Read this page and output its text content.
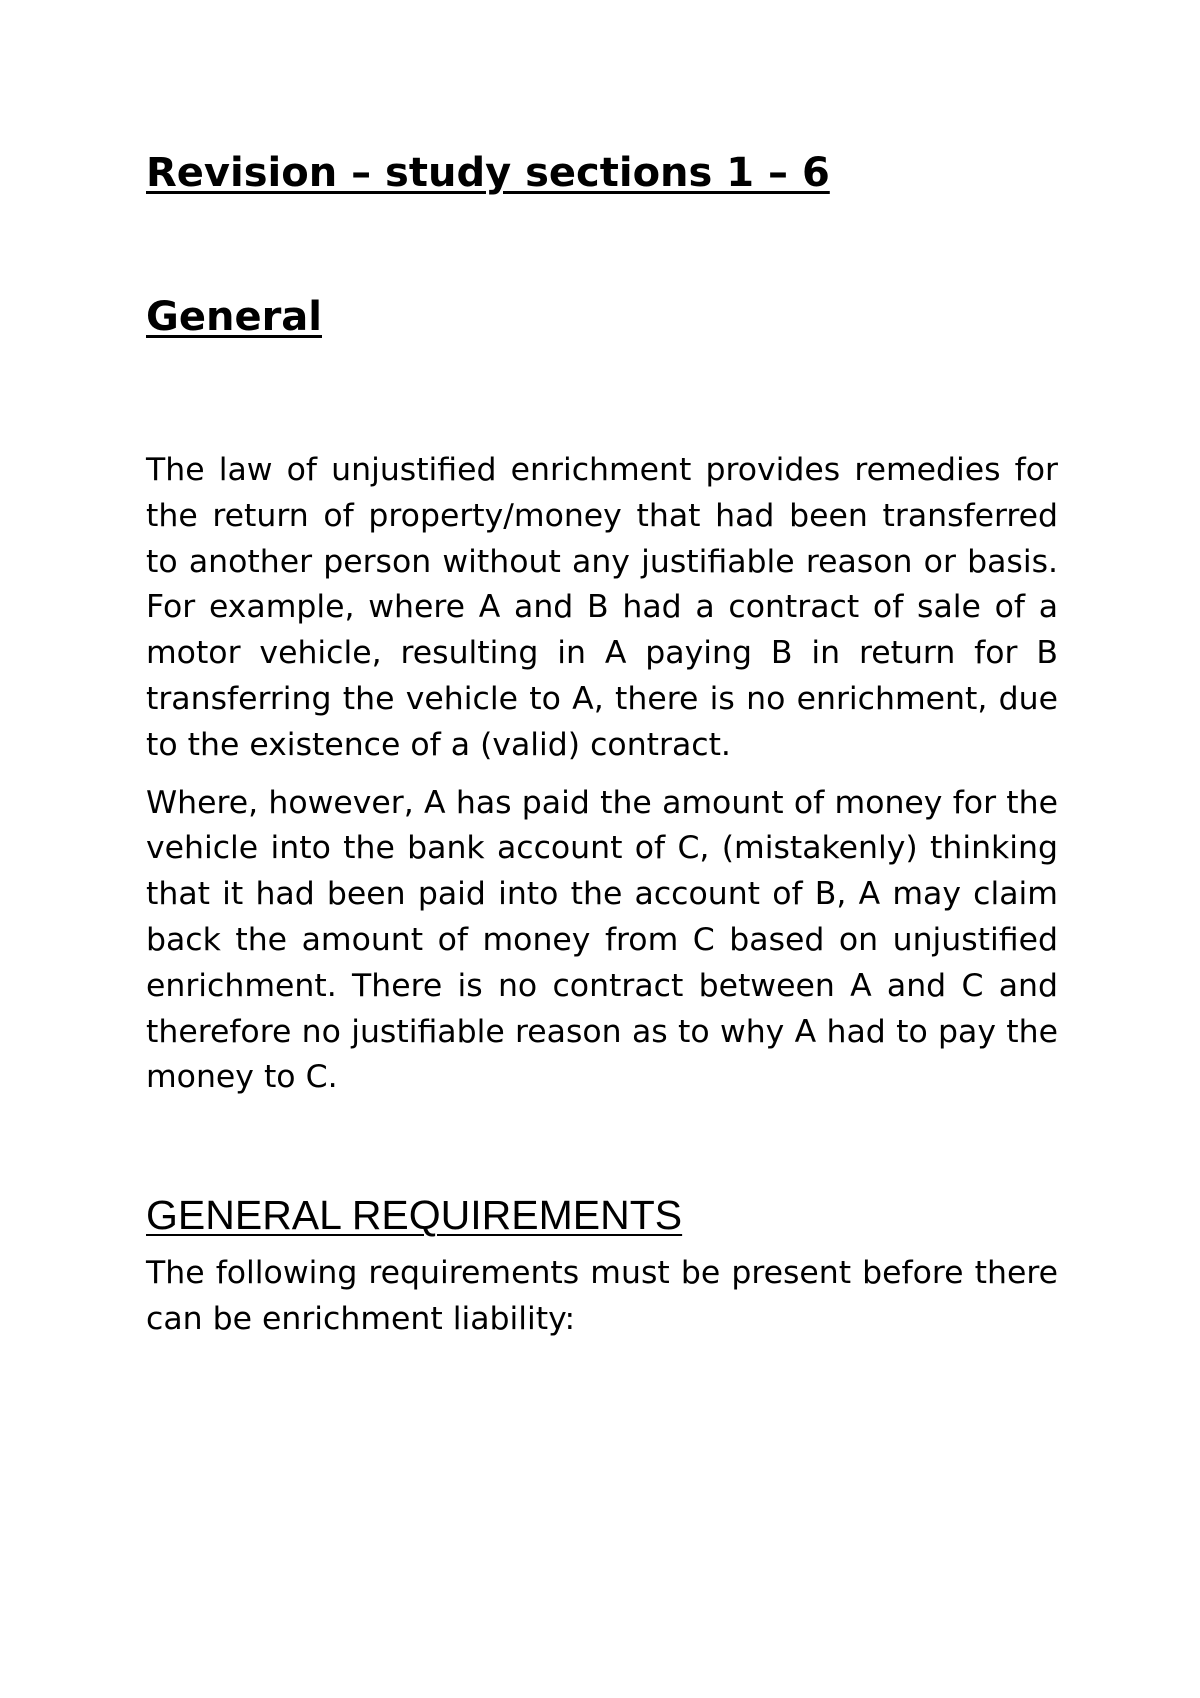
Revision – study sections 1 – 6
General

The law of unjustified enrichment provides remedies for the return of property/money that had been transferred to another person without any justifiable reason or basis. For example, where A and B had a contract of sale of a motor vehicle, resulting in A paying B in return for B transferring the vehicle to A, there is no enrichment, due to the existence of a (valid) contract.

Where, however, A has paid the amount of money for the vehicle into the bank account of C, (mistakenly) thinking that it had been paid into the account of B, A may claim back the amount of money from C based on unjustified enrichment. There is no contract between A and C and therefore no justifiable reason as to why A had to pay the money to C.

GENERAL REQUIREMENTS

The following requirements must be present before there can be enrichment liability:
